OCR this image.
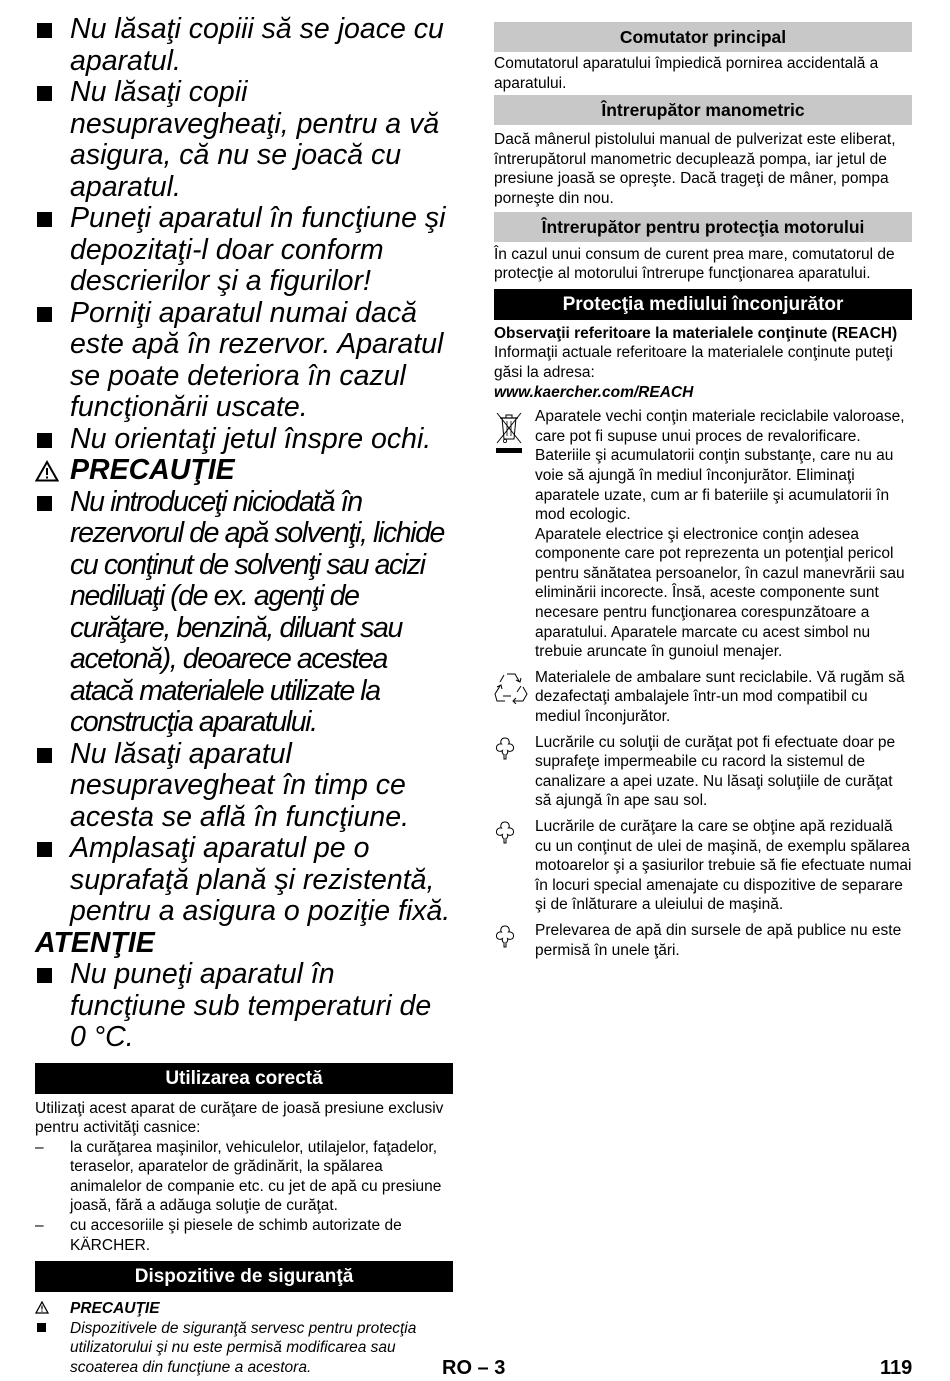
Nu lăsaţi copiii să se joace cu aparatul.
Nu lăsaţi copii nesupravegheaţi, pentru a vă asigura, că nu se joacă cu aparatul.
Puneţi aparatul în funcţiune şi depozitaţi-l doar conform descrierilor şi a figurilor!
Porniţi aparatul numai dacă este apă în rezervor. Aparatul se poate deteriora în cazul funcţionării uscate.
Nu orientaţi jetul înspre ochi.
PRECAUŢIE
Nu introduceţi niciodată în rezervorul de apă solvenţi, lichide cu conţinut de solvenţi sau acizi nediluaţi (de ex. agenţi de curăţare, benzină, diluant sau acetonă), deoarece acestea atacă materialele utilizate la construcţia aparatului.
Nu lăsaţi aparatul nesupravegheat în timp ce acesta se află în funcţiune.
Amplasaţi aparatul pe o suprafaţă plană şi rezistentă, pentru a asigura o poziţie fixă.
ATENŢIE
Nu puneţi aparatul în funcţiune sub temperaturi de 0 °C.
Utilizarea corectă
Utilizaţi acest aparat de curăţare de joasă presiune exclusiv pentru activităţi casnice:
– la curăţarea maşinilor, vehiculelor, utilajelor, faţadelor, teraselor, aparatelor de grădinărit, la spălarea animalelor de companie etc. cu jet de apă cu presiune joasă, fără a adăuga soluţie de curăţat.
– cu accesoriile şi piesele de schimb autorizate de KÄRCHER.
Dispozitive de siguranţă
PRECAUŢIE
Dispozitivele de siguranţă servesc pentru protecţia utilizatorului şi nu este permisă modificarea sau scoaterea din funcţiune a acestora.
Comutator principal
Comutatorul aparatului împiedică pornirea accidentală a aparatului.
Întrerupător manometric
Dacă mânerul pistolului manual de pulverizat este eliberat, întrerupătorul manometric decuplează pompa, iar jetul de presiune joasă se opreşte. Dacă trageţi de mâner, pompa porneşte din nou.
Întrerupător pentru protecţia motorului
În cazul unui consum de curent prea mare, comutatorul de protecţie al motorului întrerupe funcţionarea aparatului.
Protecţia mediului înconjurător
Observaţii referitoare la materialele conţinute (REACH)
Informaţii actuale referitoare la materialele conţinute puteţi găsi la adresa:
www.kaercher.com/REACH
Aparatele vechi conţin materiale reciclabile valoroase, care pot fi supuse unui proces de revalorificare. Bateriile şi acumulatorii conţin substanţe, care nu au voie să ajungă în mediul înconjurător. Eliminaţi aparatele uzate, cum ar fi bateriile şi acumulatorii în mod ecologic.
Aparatele electrice şi electronice conţin adesea componente care pot reprezenta un potenţial pericol pentru sănătatea persoanelor, în cazul manevrării sau eliminării incorecte. Însă, aceste componente sunt necesare pentru funcţionarea corespunzătoare a aparatului. Aparatele marcate cu acest simbol nu trebuie aruncate în gunoiul menajer.
Materialele de ambalare sunt reciclabile. Vă rugăm să dezafectaţi ambalajele într-un mod compatibil cu mediul înconjurător.
Lucrările cu soluţii de curăţat pot fi efectuate doar pe suprafeţe impermeabile cu racord la sistemul de canalizare a apei uzate. Nu lăsaţi soluţiile de curăţat să ajungă în ape sau sol.
Lucrările de curăţare la care se obţine apă reziduală cu un conţinut de ulei de maşină, de exemplu spălarea motoarelor şi a şasiurilor trebuie să fie efectuate numai în locuri special amenajate cu dispozitive de separare şi de înlăturare a uleiului de maşină.
Prelevarea de apă din sursele de apă publice nu este permisă în unele ţări.
RO – 3	119
